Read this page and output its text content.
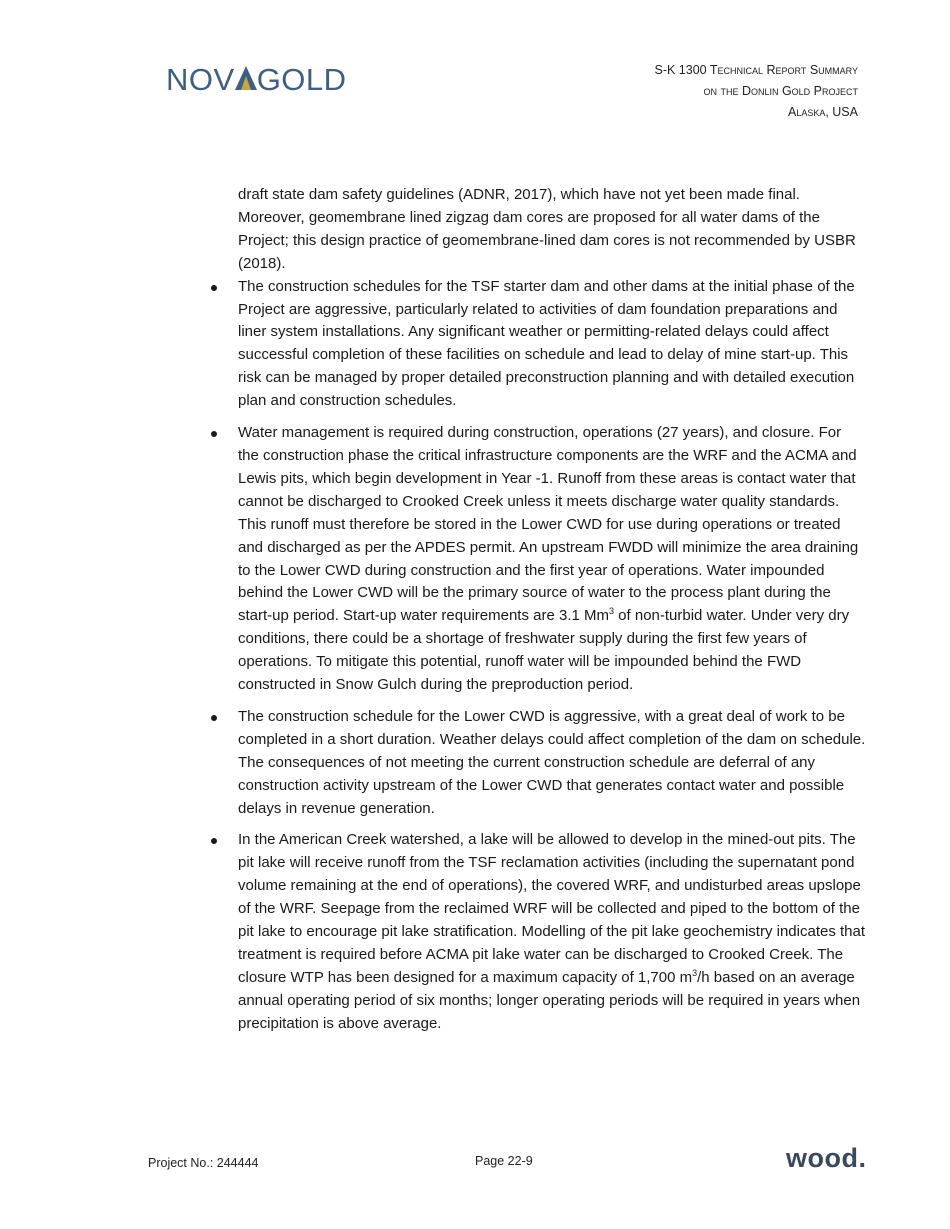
NOV GOLD	S-K 1300 Technical Report Summary
on the Donlin Gold Project
Alaska, USA

draft state dam safety guidelines (ADNR, 2017), which have not yet been made final. Moreover, geomembrane lined zigzag dam cores are proposed for all water dams of the Project; this design practice of geomembrane-lined dam cores is not recommended by USBR (2018).

The construction schedules for the TSF starter dam and other dams at the initial phase of the Project are aggressive, particularly related to activities of dam foundation preparations and liner system installations. Any significant weather or permitting-related delays could affect successful completion of these facilities on schedule and lead to delay of mine start-up. This risk can be managed by proper detailed preconstruction planning and with detailed execution plan and construction schedules.
Water management is required during construction, operations (27 years), and closure. For the construction phase the critical infrastructure components are the WRF and the ACMA and Lewis pits, which begin development in Year -1. Runoff from these areas is contact water that cannot be discharged to Crooked Creek unless it meets discharge water quality standards. This runoff must therefore be stored in the Lower CWD for use during operations or treated and discharged as per the APDES permit. An upstream FWDD will minimize the area draining to the Lower CWD during construction and the first year of operations. Water impounded behind the Lower CWD will be the primary source of water to the process plant during the start-up period. Start-up water requirements are 3.1 Mm$^3$ of non-turbid water. Under very dry conditions, there could be a shortage of freshwater supply during the first few years of operations. To mitigate this potential, runoff water will be impounded behind the FWD constructed in Snow Gulch during the preproduction period.
The construction schedule for the Lower CWD is aggressive, with a great deal of work to be completed in a short duration. Weather delays could affect completion of the dam on schedule. The consequences of not meeting the current construction schedule are deferral of any construction activity upstream of the Lower CWD that generates contact water and possible delays in revenue generation.
In the American Creek watershed, a lake will be allowed to develop in the mined-out pits. The pit lake will receive runoff from the TSF reclamation activities (including the supernatant pond volume remaining at the end of operations), the covered WRF, and undisturbed areas upslope of the WRF. Seepage from the reclaimed WRF will be collected and piped to the bottom of the pit lake to encourage pit lake stratification. Modelling of the pit lake geochemistry indicates that treatment is required before ACMA pit lake water can be discharged to Crooked Creek. The closure WTP has been designed for a maximum capacity of 1,700 $m^3/h$ based on an average annual operating period of six months; longer operating periods will be required in years when precipitation is above average.
Project No.: 244444	Page 22-9	wood.
